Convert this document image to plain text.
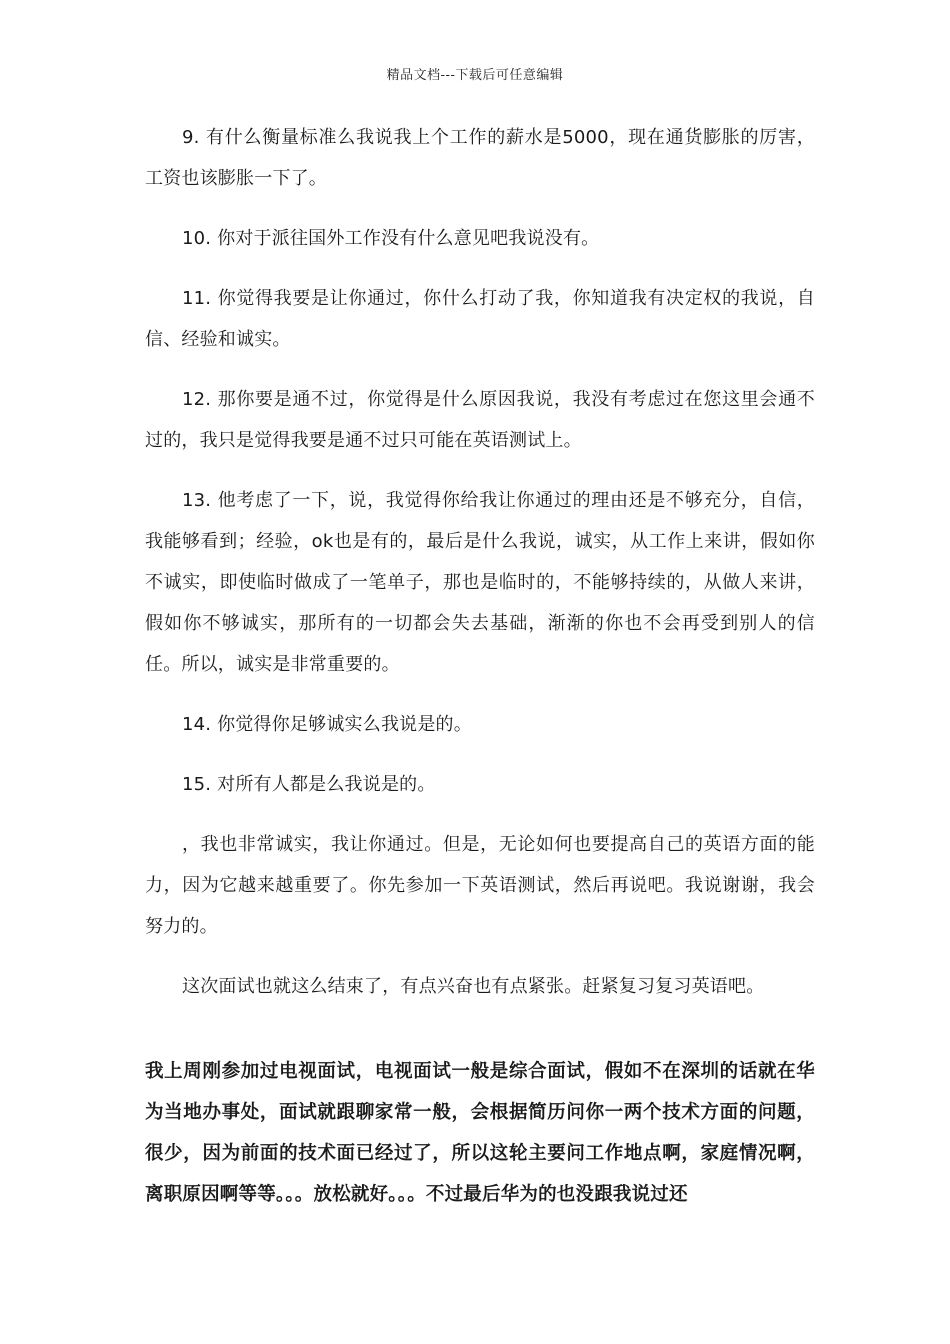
精品文档---下载后可任意编辑

9. 有什么衡量标准么我说我上个工作的薪水是5000，现在通货膨胀的厉害，工资也该膨胀一下了。

10. 你对于派往国外工作没有什么意见吧我说没有。

11. 你觉得我要是让你通过，你什么打动了我，你知道我有决定权的我说，自信、经验和诚实。

12. 那你要是通不过，你觉得是什么原因我说，我没有考虑过在您这里会通不过的，我只是觉得我要是通不过只可能在英语测试上。

13. 他考虑了一下，说，我觉得你给我让你通过的理由还是不够充分，自信，我能够看到；经验，ok也是有的，最后是什么我说，诚实，从工作上来讲，假如你不诚实，即使临时做成了一笔单子，那也是临时的，不能够持续的，从做人来讲，假如你不够诚实，那所有的一切都会失去基础，渐渐的你也不会再受到别人的信任。所以，诚实是非常重要的。

14. 你觉得你足够诚实么我说是的。

15. 对所有人都是么我说是的。

，我也非常诚实，我让你通过。但是，无论如何也要提高自己的英语方面的能力，因为它越来越重要了。你先参加一下英语测试，然后再说吧。我说谢谢，我会努力的。

这次面试也就这么结束了，有点兴奋也有点紧张。赶紧复习复习英语吧。

我上周刚参加过电视面试，电视面试一般是综合面试，假如不在深圳的话就在华为当地办事处，面试就跟聊家常一般，会根据简历问你一两个技术方面的问题，很少，因为前面的技术面已经过了，所以这轮主要问工作地点啊，家庭情况啊，离职原因啊等等。。。放松就好。。。不过最后华为的也没跟我说过还
